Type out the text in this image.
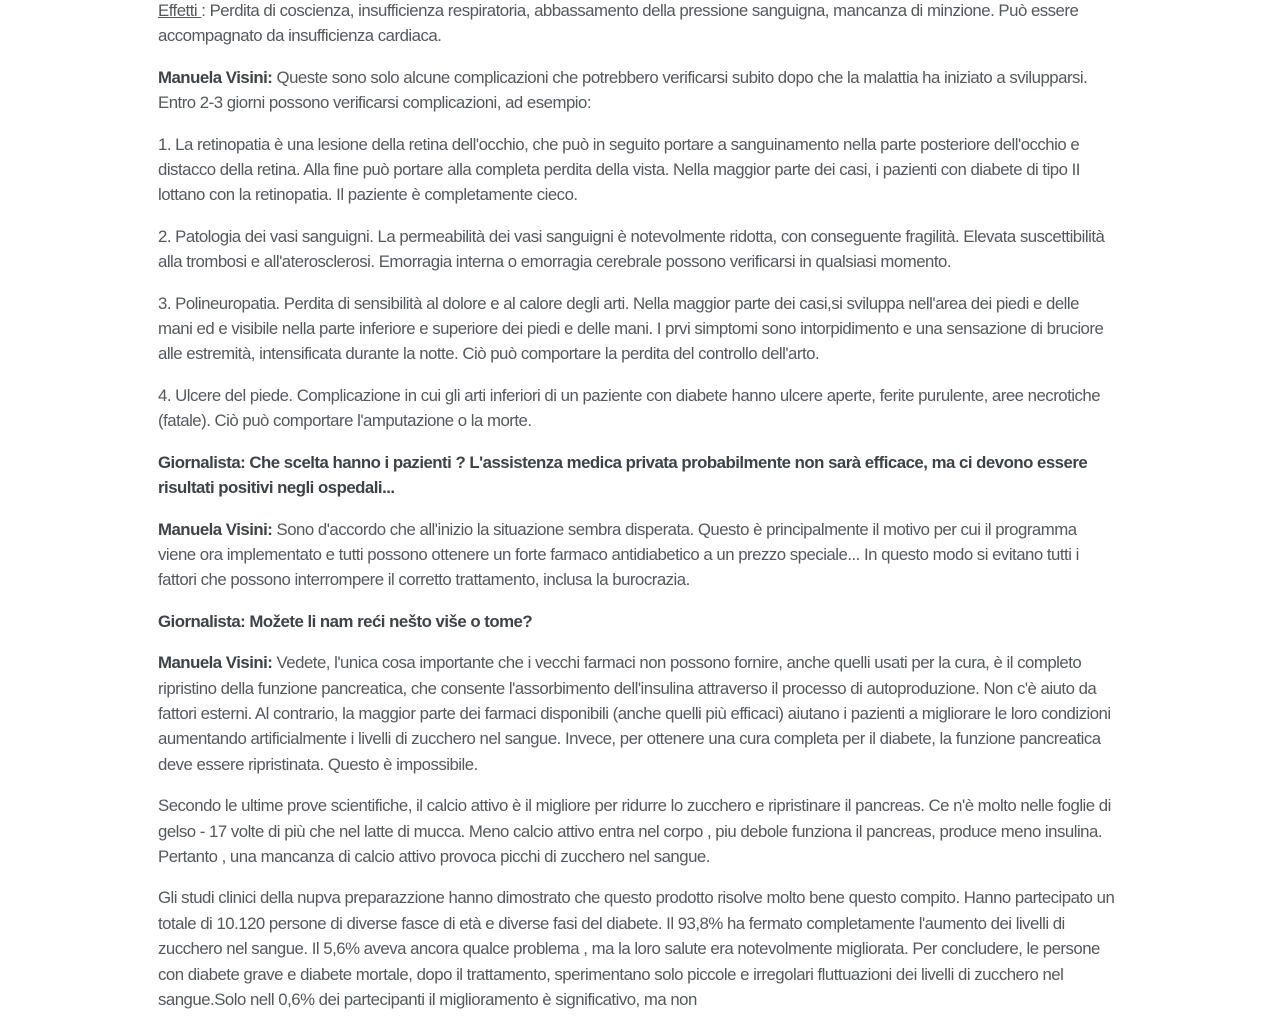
Effetti : Perdita di coscienza, insufficienza respiratoria, abbassamento della pressione sanguigna, mancanza di minzione. Può essere accompagnato da insufficienza cardiaca.

Manuela Visini: Queste sono solo alcune complicazioni che potrebbero verificarsi subito dopo che la malattia ha iniziato a svilupparsi. Entro 2-3 giorni possono verificarsi complicazioni, ad esempio:

1. La retinopatia è una lesione della retina dell'occhio, che può in seguito portare a sanguinamento nella parte posteriore dell'occhio e distacco della retina. Alla fine può portare alla completa perdita della vista. Nella maggior parte dei casi, i pazienti con diabete di tipo II lottano con la retinopatia. Il paziente è completamente cieco.

2. Patologia dei vasi sanguigni. La permeabilità dei vasi sanguigni è notevolmente ridotta, con conseguente fragilità. Elevata suscettibilità alla trombosi e all'aterosclerosi. Emorragia interna o emorragia cerebrale possono verificarsi in qualsiasi momento.

3. Polineuropatia. Perdita di sensibilità al dolore e al calore degli arti. Nella maggior parte dei casi,si sviluppa nell'area dei piedi e delle mani ed e visibile nella parte inferiore e superiore dei piedi e delle mani. I prvi simptomi sono intorpidimento e una sensazione di bruciore alle estremità, intensificata durante la notte. Ciò può comportare la perdita del controllo dell'arto.

4. Ulcere del piede. Complicazione in cui gli arti inferiori di un paziente con diabete hanno ulcere aperte, ferite purulente, aree necrotiche (fatale). Ciò può comportare l'amputazione o la morte.

Giornalista: Che scelta hanno i pazienti ? L'assistenza medica privata probabilmente non sarà efficace, ma ci devono essere risultati positivi negli ospedali...

Manuela Visini: Sono d'accordo che all'inizio la situazione sembra disperata. Questo è principalmente il motivo per cui il programma viene ora implementato e tutti possono ottenere un forte farmaco antidiabetico a un prezzo speciale... In questo modo si evitano tutti i fattori che possono interrompere il corretto trattamento, inclusa la burocrazia.

Giornalista: Možete li nam reći nešto više o tome?

Manuela Visini: Vedete, l'unica cosa importante che i vecchi farmaci non possono fornire, anche quelli usati per la cura, è il completo ripristino della funzione pancreatica, che consente l'assorbimento dell'insulina attraverso il processo di autoproduzione. Non c'è aiuto da fattori esterni. Al contrario, la maggior parte dei farmaci disponibili (anche quelli più efficaci) aiutano i pazienti a migliorare le loro condizioni aumentando artificialmente i livelli di zucchero nel sangue. Invece, per ottenere una cura completa per il diabete, la funzione pancreatica deve essere ripristinata. Questo è impossibile.

Secondo le ultime prove scientifiche, il calcio attivo è il migliore per ridurre lo zucchero e ripristinare il pancreas. Ce n'è molto nelle foglie di gelso - 17 volte di più che nel latte di mucca. Meno calcio attivo entra nel corpo , piu debole funziona il pancreas, produce meno insulina. Pertanto , una mancanza di calcio attivo provoca picchi di zucchero nel sangue.

Gli studi clinici della nupva preparazzione hanno dimostrato che questo prodotto risolve molto bene questo compito. Hanno partecipato un totale di 10.120 persone di diverse fasce di età e diverse fasi del diabete. Il 93,8% ha fermato completamente l'aumento dei livelli di zucchero nel sangue. Il 5,6% aveva ancora qualce problema , ma la loro salute era notevolmente migliorata. Per concludere, le persone con diabete grave e diabete mortale, dopo il trattamento, sperimentano solo piccole e irregolari fluttuazioni dei livelli di zucchero nel sangue.Solo nell 0,6% dei partecipanti il miglioramento è significativo, ma non
